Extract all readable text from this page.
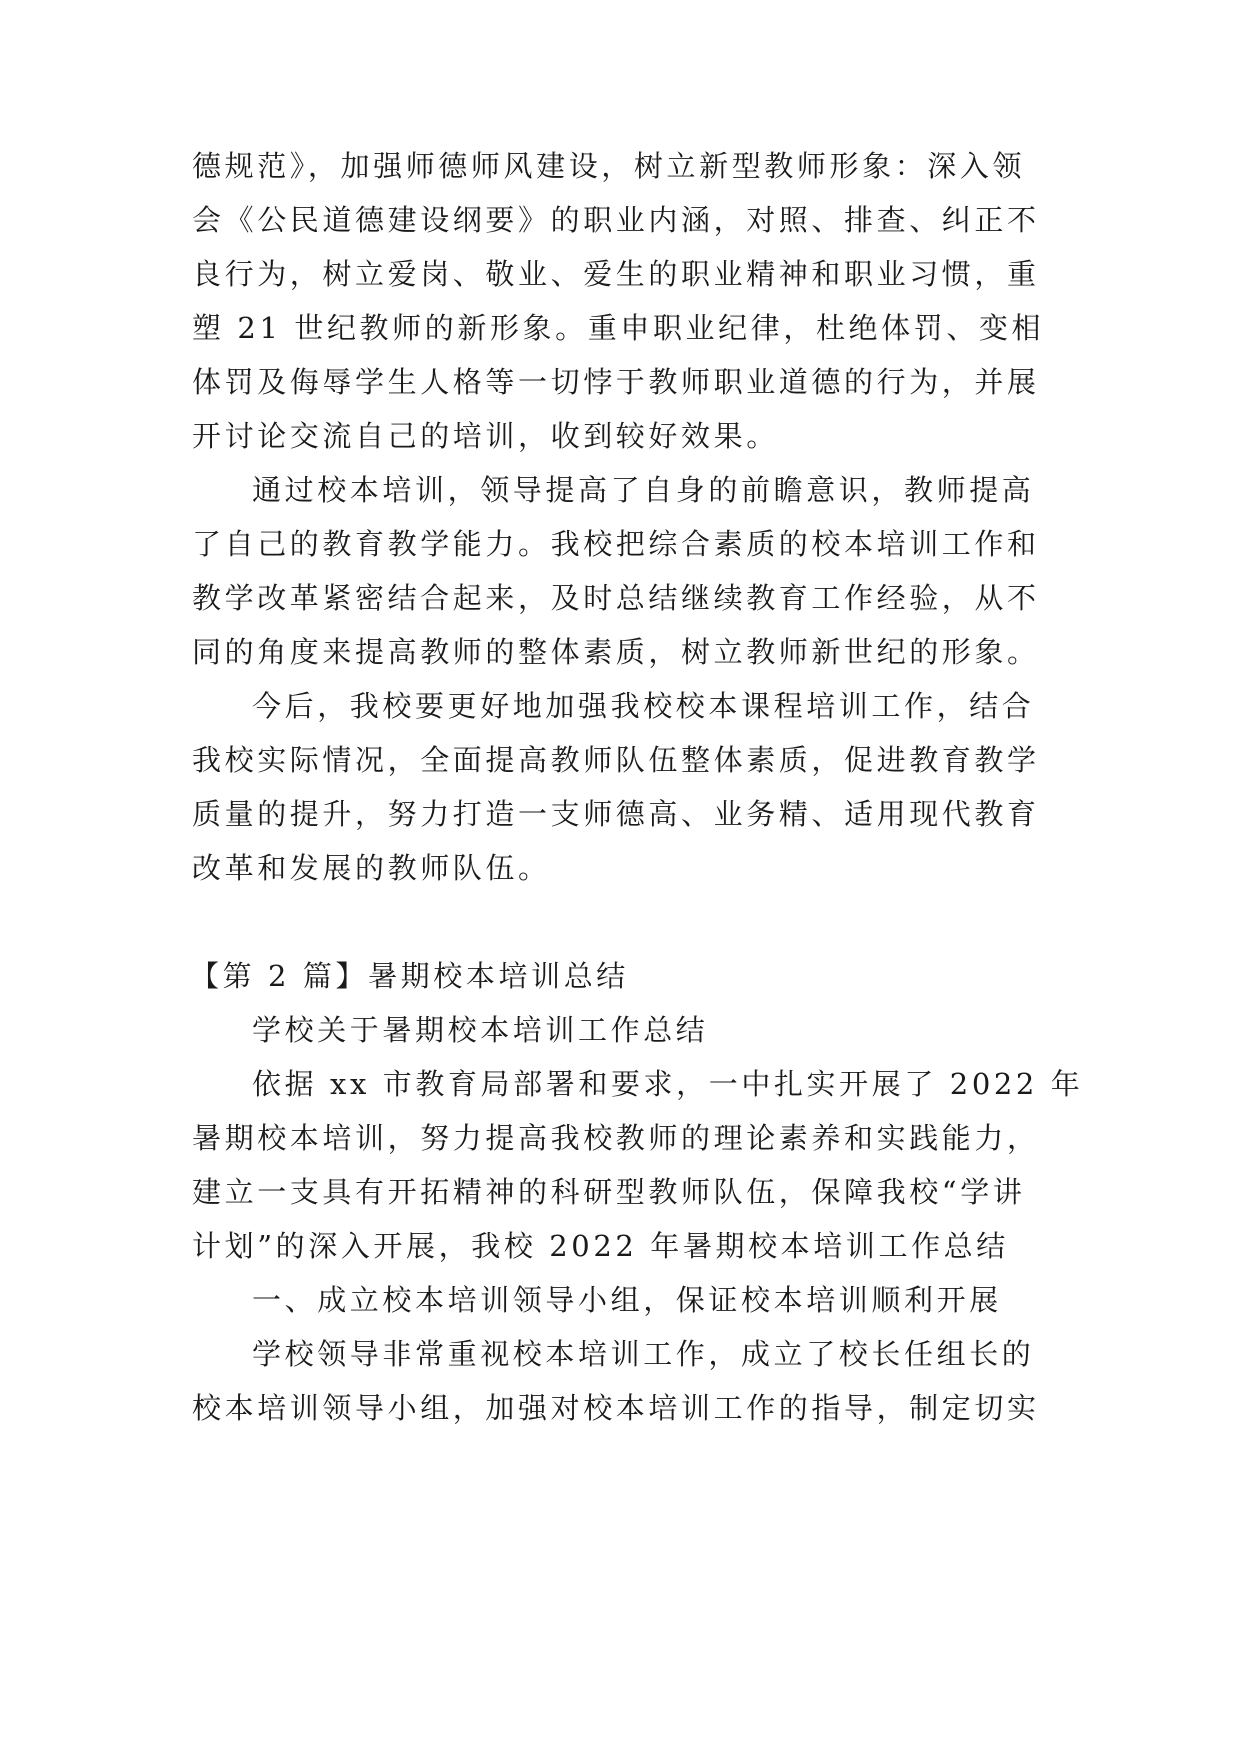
德规范》，加强师德师风建设，树立新型教师形象：深入领
会《公民道德建设纲要》的职业内涵，对照、排查、纠正不
良行为，树立爱岗、敬业、爱生的职业精神和职业习惯，重
塑 21 世纪教师的新形象。重申职业纪律，杜绝体罚、变相
体罚及侮辱学生人格等一切悖于教师职业道德的行为，并展
开讨论交流自己的培训，收到较好效果。
通过校本培训，领导提高了自身的前瞻意识，教师提高
了自己的教育教学能力。我校把综合素质的校本培训工作和
教学改革紧密结合起来，及时总结继续教育工作经验，从不
同的角度来提高教师的整体素质，树立教师新世纪的形象。
今后，我校要更好地加强我校校本课程培训工作，结合
我校实际情况，全面提高教师队伍整体素质，促进教育教学
质量的提升，努力打造一支师德高、业务精、适用现代教育
改革和发展的教师队伍。
【第 2 篇】暑期校本培训总结
学校关于暑期校本培训工作总结
依据 xx 市教育局部署和要求，一中扎实开展了 2022 年
暑期校本培训，努力提高我校教师的理论素养和实践能力，
建立一支具有开拓精神的科研型教师队伍，保障我校“学讲
计划”的深入开展，我校 2022 年暑期校本培训工作总结
一、成立校本培训领导小组，保证校本培训顺利开展
学校领导非常重视校本培训工作，成立了校长任组长的
校本培训领导小组，加强对校本培训工作的指导，制定切实
